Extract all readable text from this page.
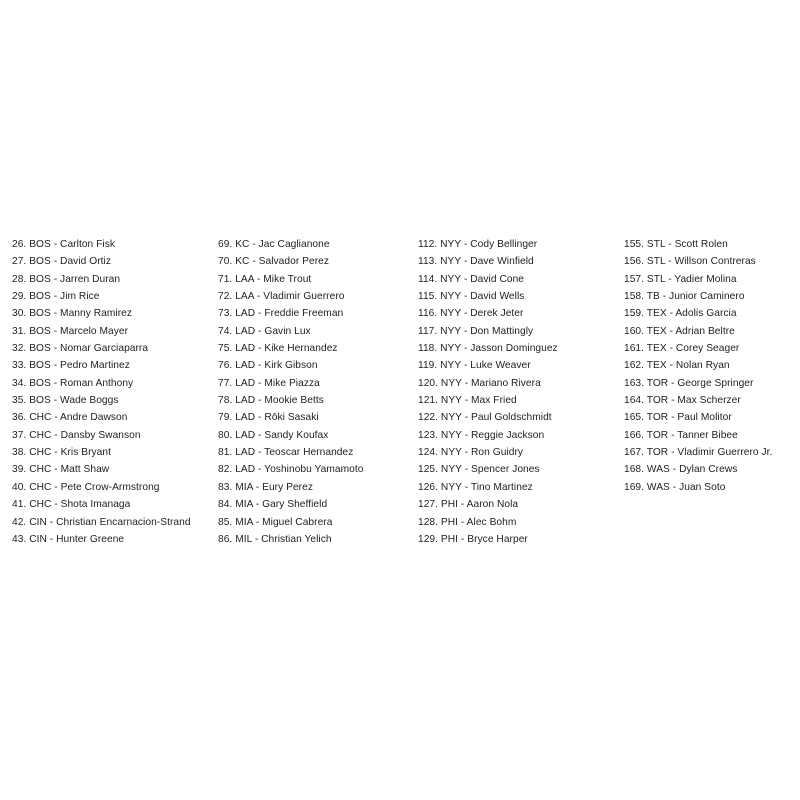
26. BOS - Carlton Fisk
27. BOS - David Ortiz
28. BOS - Jarren Duran
29. BOS - Jim Rice
30. BOS - Manny Ramirez
31. BOS - Marcelo Mayer
32. BOS - Nomar Garciaparra
33. BOS - Pedro Martinez
34. BOS - Roman Anthony
35. BOS - Wade Boggs
36. CHC - Andre Dawson
37. CHC - Dansby Swanson
38. CHC - Kris Bryant
39. CHC - Matt Shaw
40. CHC - Pete Crow-Armstrong
41. CHC - Shota Imanaga
42. CIN - Christian Encarnacion-Strand
43. CIN - Hunter Greene
69. KC - Jac Caglianone
70. KC - Salvador Perez
71. LAA - Mike Trout
72. LAA - Vladimir Guerrero
73. LAD - Freddie Freeman
74. LAD - Gavin Lux
75. LAD - Kike Hernandez
76. LAD - Kirk Gibson
77. LAD - Mike Piazza
78. LAD - Mookie Betts
79. LAD - Rōki Sasaki
80. LAD - Sandy Koufax
81. LAD - Teoscar Hernandez
82. LAD - Yoshinobu Yamamoto
83. MIA - Eury Perez
84. MIA - Gary Sheffield
85. MIA - Miguel Cabrera
86. MIL - Christian Yelich
112. NYY - Cody Bellinger
113. NYY - Dave Winfield
114. NYY - David Cone
115. NYY - David Wells
116. NYY - Derek Jeter
117. NYY - Don Mattingly
118. NYY - Jasson Dominguez
119. NYY - Luke Weaver
120. NYY - Mariano Rivera
121. NYY - Max Fried
122. NYY - Paul Goldschmidt
123. NYY - Reggie Jackson
124. NYY - Ron Guidry
125. NYY - Spencer Jones
126. NYY - Tino Martinez
127. PHI - Aaron Nola
128. PHI - Alec Bohm
129. PHI - Bryce Harper
155. STL - Scott Rolen
156. STL - Willson Contreras
157. STL - Yadier Molina
158. TB - Junior Caminero
159. TEX - Adolis Garcia
160. TEX - Adrian Beltre
161. TEX - Corey Seager
162. TEX - Nolan Ryan
163. TOR - George Springer
164. TOR - Max Scherzer
165. TOR - Paul Molitor
166. TOR - Tanner Bibee
167. TOR - Vladimir Guerrero Jr.
168. WAS - Dylan Crews
169. WAS - Juan Soto
